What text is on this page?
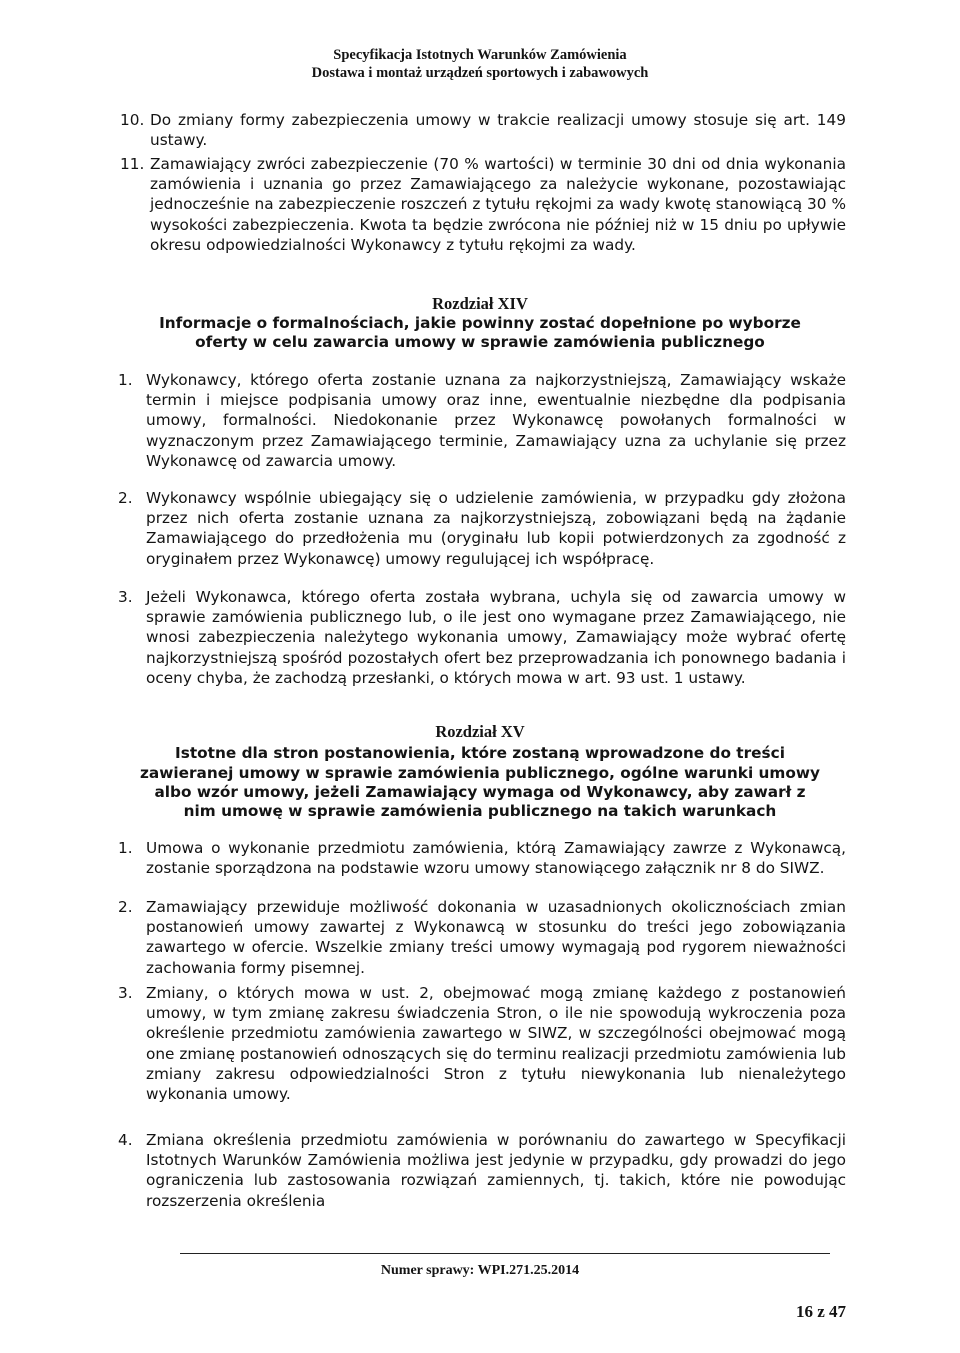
Specyfikacja Istotnych Warunków Zamówienia
Dostawa i montaż urządzeń sportowych i zabawowych
10. Do zmiany formy zabezpieczenia umowy w trakcie realizacji umowy stosuje się art. 149 ustawy.
11. Zamawiający zwróci zabezpieczenie (70 % wartości) w terminie 30 dni od dnia wykonania zamówienia i uznania go przez Zamawiającego za należycie wykonane, pozostawiając jednocześnie na zabezpieczenie roszczeń z tytułu rękojmi za wady kwotę stanowiącą 30 % wysokości zabezpieczenia. Kwota ta będzie zwrócona nie później niż w 15 dniu po upływie okresu odpowiedzialności Wykonawcy z tytułu rękojmi za wady.
Rozdział XIV
Informacje o formalnościach, jakie powinny zostać dopełnione po wyborze
oferty w celu zawarcia umowy w sprawie zamówienia publicznego
1. Wykonawcy, którego oferta zostanie uznana za najkorzystniejszą, Zamawiający wskaże termin i miejsce podpisania umowy oraz inne, ewentualnie niezbędne dla podpisania umowy, formalności. Niedokonanie przez Wykonawcę powołanych formalności w wyznaczonym przez Zamawiającego terminie, Zamawiający uzna za uchylanie się przez Wykonawcę od zawarcia umowy.
2. Wykonawcy wspólnie ubiegający się o udzielenie zamówienia, w przypadku gdy złożona przez nich oferta zostanie uznana za najkorzystniejszą, zobowiązani będą na żądanie Zamawiającego do przedłożenia mu (oryginału lub kopii potwierdzonych za zgodność z oryginałem przez Wykonawcę) umowy regulującej ich współpracę.
3. Jeżeli Wykonawca, którego oferta została wybrana, uchyla się od zawarcia umowy w sprawie zamówienia publicznego lub, o ile jest ono wymagane przez Zamawiającego, nie wnosi zabezpieczenia należytego wykonania umowy, Zamawiający może wybrać ofertę najkorzystniejszą spośród pozostałych ofert bez przeprowadzania ich ponownego badania i oceny chyba, że zachodzą przesłanki, o których mowa w art. 93 ust. 1 ustawy.
Rozdział XV
Istotne dla stron postanowienia, które zostaną wprowadzone do treści
zawieranej umowy w sprawie zamówienia publicznego, ogólne warunki umowy
albo wzór umowy, jeżeli Zamawiający wymaga od Wykonawcy, aby zawarł z
nim umowę w sprawie zamówienia publicznego na takich warunkach
1. Umowa o wykonanie przedmiotu zamówienia, którą Zamawiający zawrze z Wykonawcą, zostanie sporządzona na podstawie wzoru umowy stanowiącego załącznik nr 8 do SIWZ.
2. Zamawiający przewiduje możliwość dokonania w uzasadnionych okolicznościach zmian postanowień umowy zawartej z Wykonawcą w stosunku do treści jego zobowiązania zawartego w ofercie. Wszelkie zmiany treści umowy wymagają pod rygorem nieważności zachowania formy pisemnej.
3. Zmiany, o których mowa w ust. 2, obejmować mogą zmianę każdego z postanowień umowy, w tym zmianę zakresu świadczenia Stron, o ile nie spowodują wykroczenia poza określenie przedmiotu zamówienia zawartego w SIWZ, w szczególności obejmować mogą one zmianę postanowień odnoszących się do terminu realizacji przedmiotu zamówienia lub zmiany zakresu odpowiedzialności Stron z tytułu niewykonania lub nienależytego wykonania umowy.
4. Zmiana określenia przedmiotu zamówienia w porównaniu do zawartego w Specyfikacji Istotnych Warunków Zamówienia możliwa jest jedynie w przypadku, gdy prowadzi do jego ograniczenia lub zastosowania rozwiązań zamiennych, tj. takich, które nie powodując rozszerzenia określenia
Numer sprawy: WPI.271.25.2014
16 z 47
